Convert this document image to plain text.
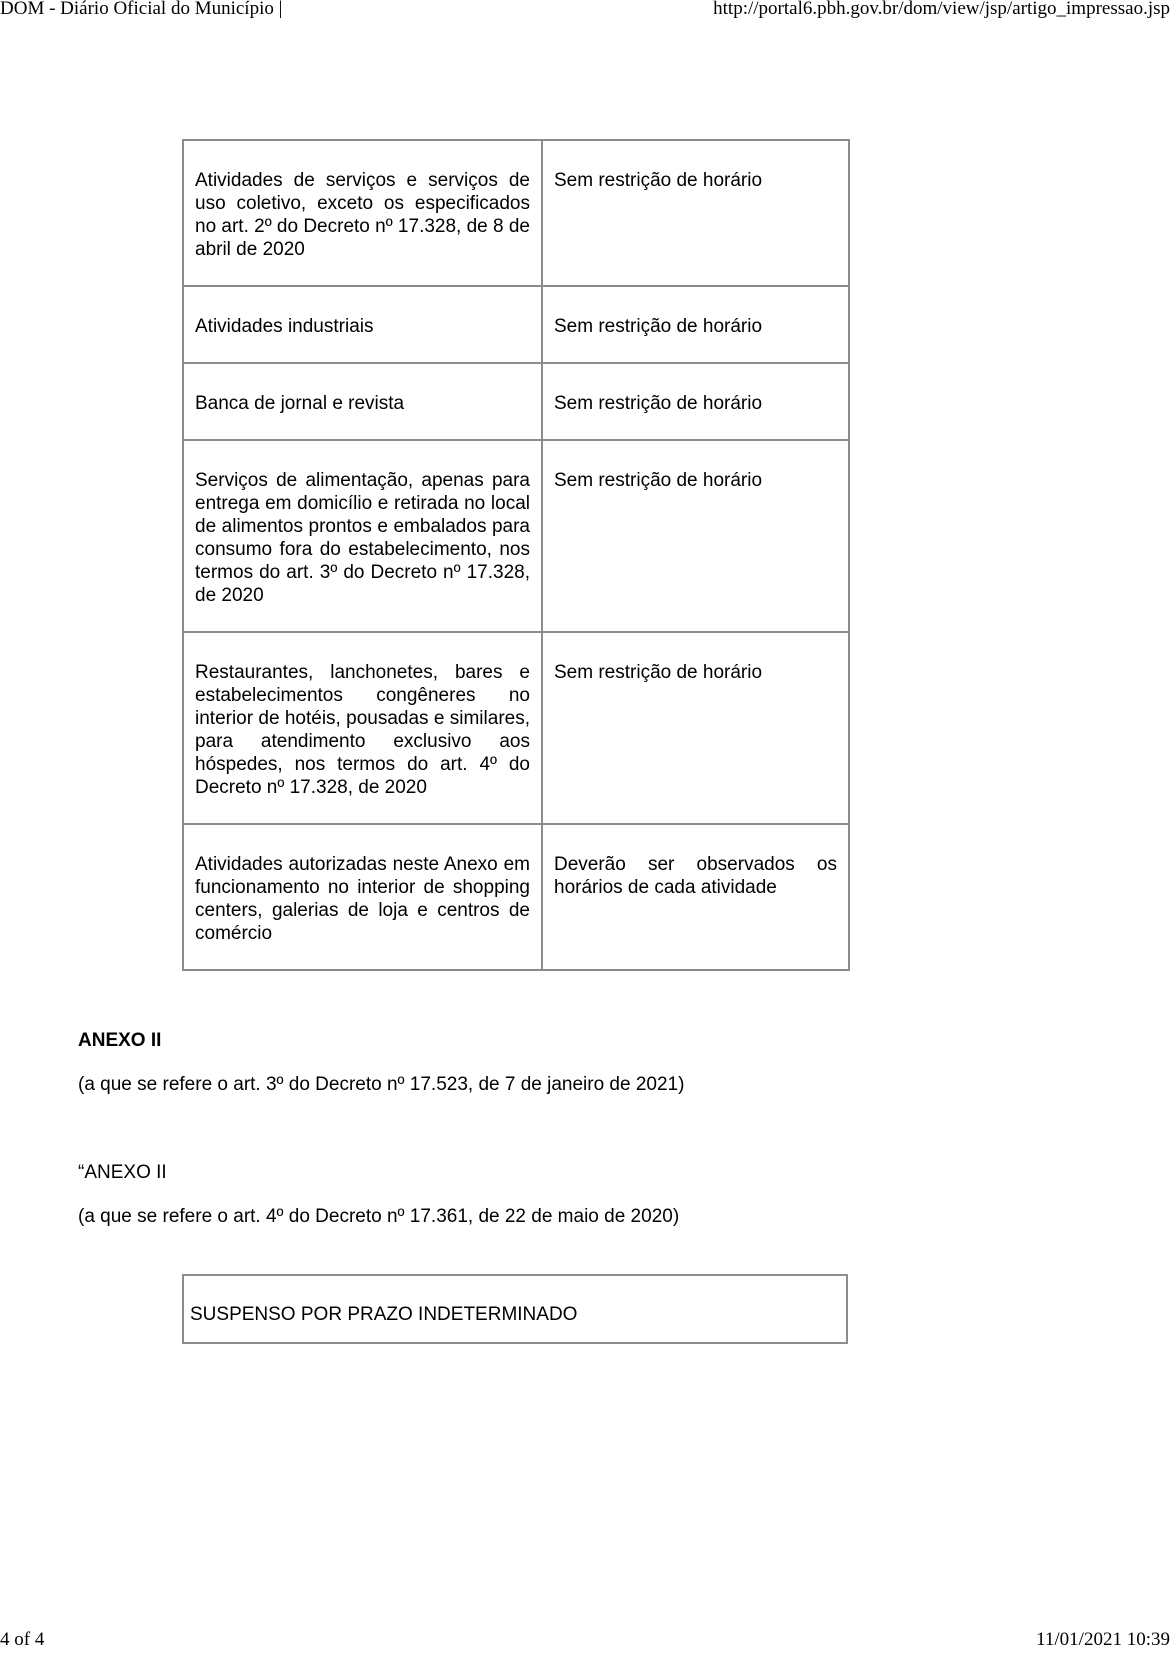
DOM - Diário Oficial do Município |	http://portal6.pbh.gov.br/dom/view/jsp/artigo_impressao.jsp
Atividades de serviços e serviços de uso coletivo, exceto os especificados no art. 2º do Decreto nº 17.328, de 8 de abril de 2020	Sem restrição de horário
Atividades industriais	Sem restrição de horário
Banca de jornal e revista	Sem restrição de horário
Serviços de alimentação, apenas para entrega em domicílio e retirada no local de alimentos prontos e embalados para consumo fora do estabelecimento, nos termos do art. 3º do Decreto nº 17.328, de 2020	Sem restrição de horário
Restaurantes, lanchonetes, bares e estabelecimentos congêneres no interior de hotéis, pousadas e similares, para atendimento exclusivo aos hóspedes, nos termos do art. 4º do Decreto nº 17.328, de 2020	Sem restrição de horário
Atividades autorizadas neste Anexo em funcionamento no interior de shopping centers, galerias de loja e centros de comércio	Deverão ser observados os horários de cada atividade
ANEXO II
(a que se refere o art. 3º do Decreto nº 17.523, de 7 de janeiro de 2021)
“ANEXO II
(a que se refere o art. 4º do Decreto nº 17.361, de 22 de maio de 2020)
SUSPENSO POR PRAZO INDETERMINADO
4 of 4	11/01/2021 10:39
